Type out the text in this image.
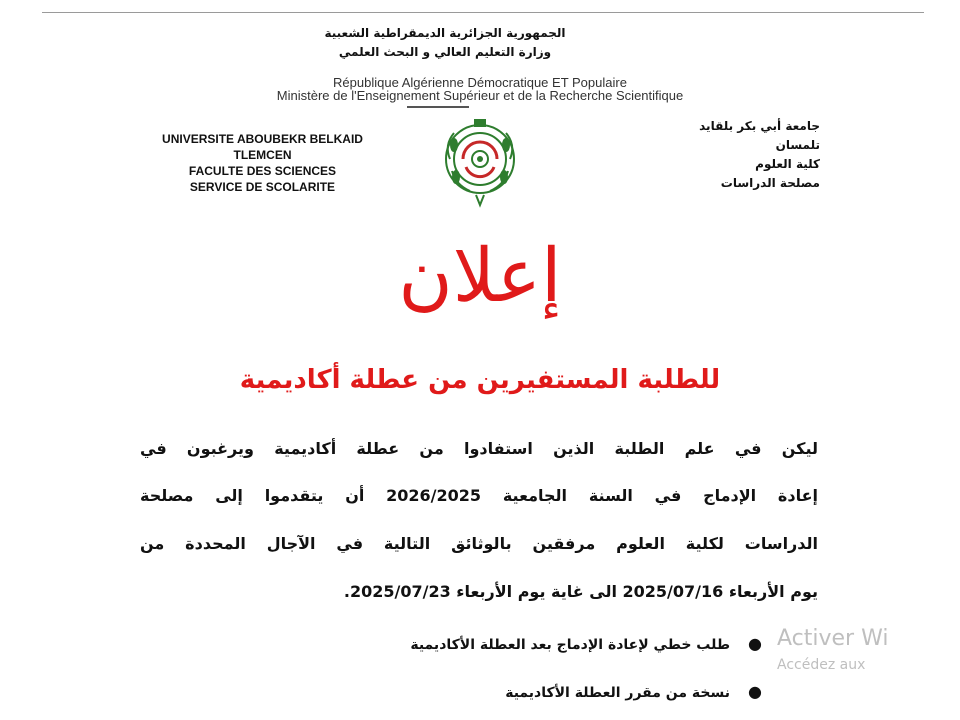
الجمهورية الجزائرية الديمقراطية الشعبية
وزارة التعليم العالي و البحث العلمي
République Algérienne Démocratique ET Populaire
Ministère de l'Enseignement Supérieur et de la Recherche Scientifique
UNIVERSITE ABOUBEKR BELKAID
TLEMCEN
FACULTE DES SCIENCES
SERVICE DE SCOLARITE
جامعة أبي بكر بلقايد
تلمسان
كلية العلوم
مصلحة الدراسات
إعلان
للطلبة المستفيرين من عطلة أكاديمية
ليكن في علم الطلبة الذين استفادوا من عطلة أكاديمية ويرغبون في
إعادة الإدماج في السنة الجامعية 2026/2025 أن يتقدموا إلى مصلحة
الدراسات لكلية العلوم مرفقين بالوثائق التالية في الآجال المحددة من
يوم الأربعاء 2025/07/16 الى غاية يوم الأربعاء 2025/07/23.
●طلب خطي لإعادة الإدماج بعد العطلة الأكاديمية
●نسخة من مقرر العطلة الأكاديمية
Activer Wi
Accédez aux
